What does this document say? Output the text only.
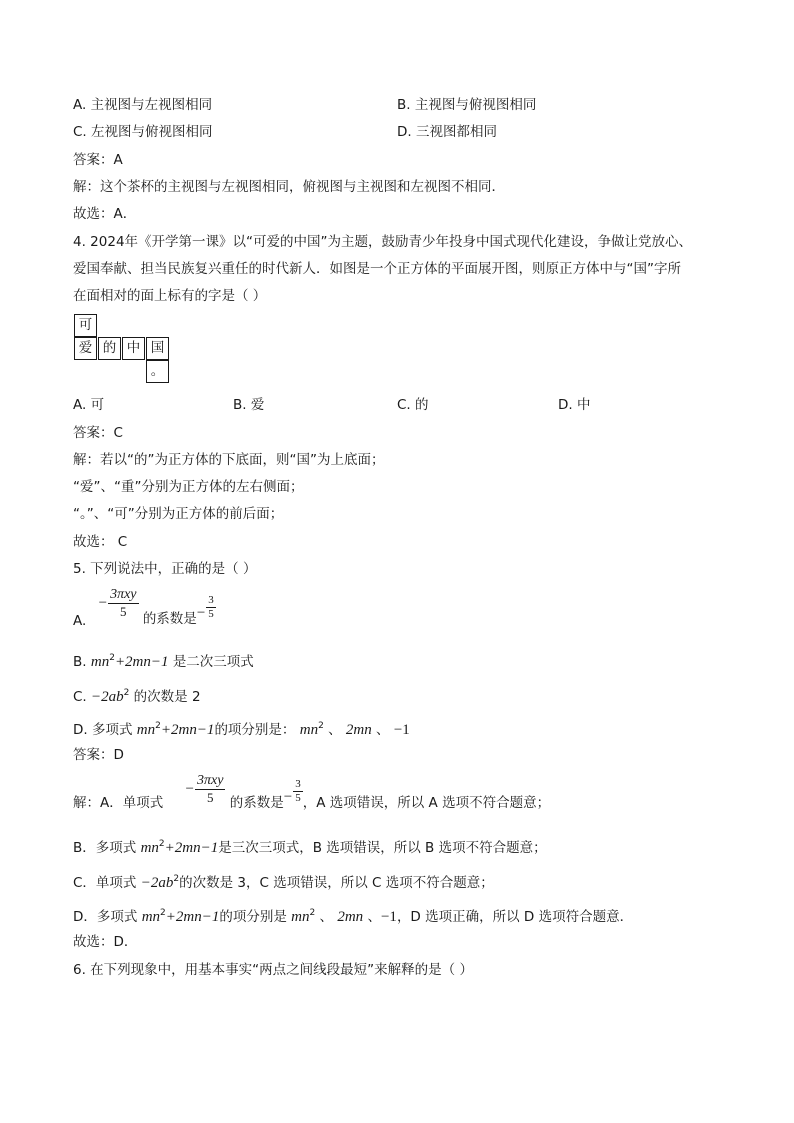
A. 主视图与左视图相同	B. 主视图与俯视图相同
C. 左视图与俯视图相同	D. 三视图都相同
答案：A
解：这个茶杯的主视图与左视图相同，俯视图与主视图和左视图不相同．
故选：A．
4. 2024年《开学第一课》以“可爱的中国”为主题，鼓励青少年投身中国式现代化建设，争做让党放心、
爱国奉献、担当民族复兴重任的时代新人．如图是一个正方体的平面展开图，则原正方体中与“国”字所
在面相对的面上标有的字是（ ）
可
爱 的 中 国
。
A. 可	B. 爱	C. 的	D. 中
答案：C
解：若以“的”为正方体的下底面，则“国”为上底面；
“爱”、“重”分别为正方体的左右侧面；
“。”、“可”分别为正方体的前后面；
故选： C
5. 下列说法中，正确的是（ ）
A. − $\frac{\text{3πxy}}{5}$ 的系数是− $\frac{3}{5}$
B. $mn^2+2mn-1$ 是二次三项式
C. $-2ab^2$ 的次数是 2
D. 多项式 $mn^2+2mn-1$的项分别是： $mn^2$ 、 2mn 、 −1
答案：D
解：A．单项式 − $\frac{\text{3πxy}}{5}$ 的系数是− $\frac{3}{5}$ ，A 选项错误，所以 A 选项不符合题意；
B．多项式 $mn^2+2mn-1$是三次三项式，B 选项错误，所以 B 选项不符合题意；
C．单项式 $-2ab^2$的次数是 3，C 选项错误，所以 C 选项不符合题意；
D．多项式 $mn^2+2mn-1$的项分别是 $mn^2$ 、 2mn 、−1，D 选项正确，所以 D 选项符合题意．
故选：D．
6. 在下列现象中，用基本事实“两点之间线段最短”来解释的是（ ）
